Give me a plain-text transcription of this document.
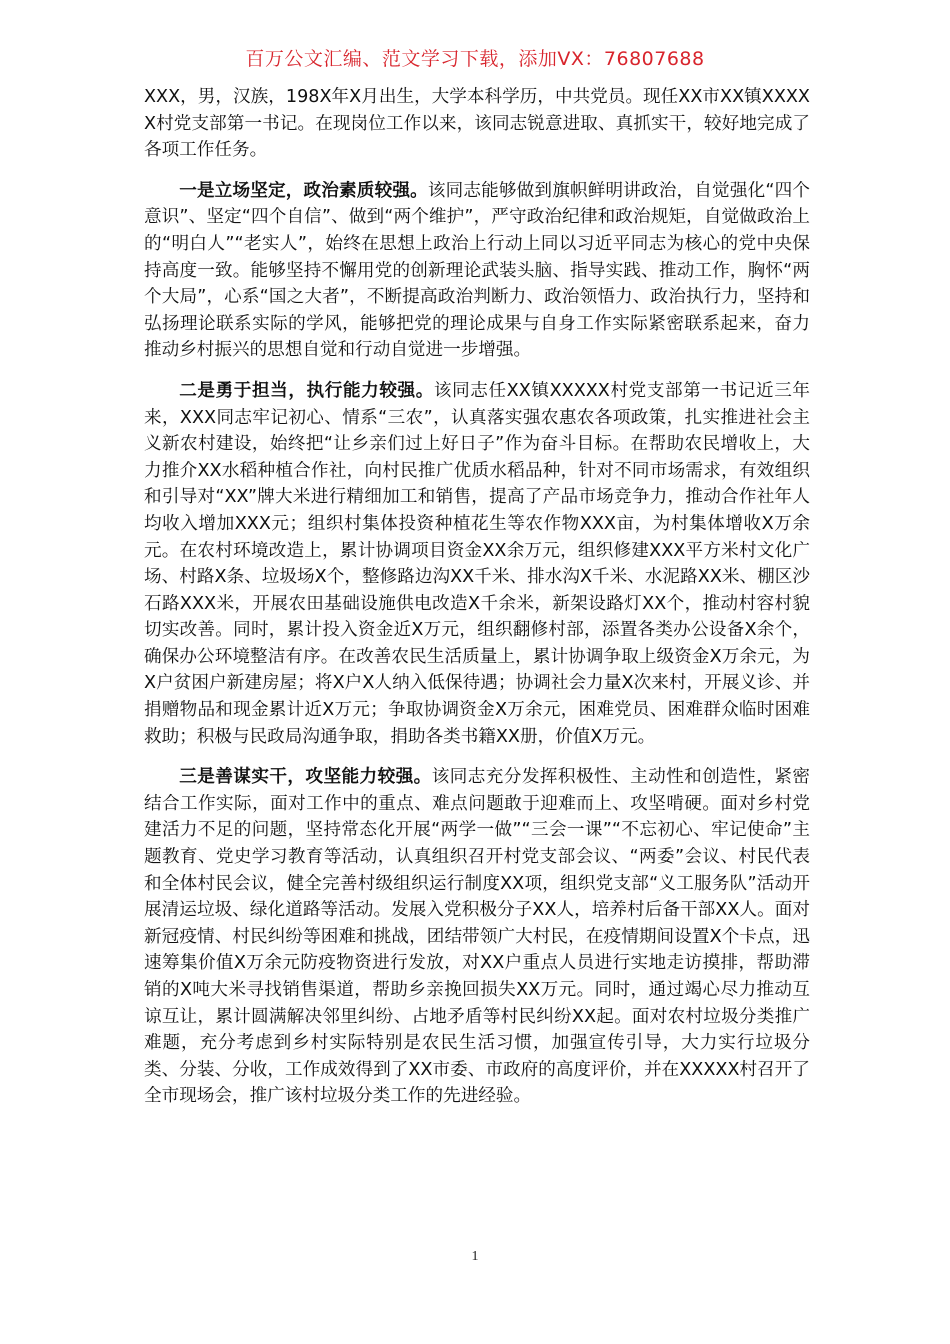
百万公文汇编、范文学习下载，添加VX：76807688

XXX，男，汉族，198X年X月出生，大学本科学历，中共党员。现任XX市XX镇XXXXX村党支部第一书记。在现岗位工作以来，该同志锐意进取、真抓实干，较好地完成了各项工作任务。

一是立场坚定，政治素质较强。该同志能够做到旗帜鲜明讲政治，自觉强化“四个意识”、坚定“四个自信”、做到“两个维护”，严守政治纪律和政治规矩，自觉做政治上的“明白人”“老实人”，始终在思想上政治上行动上同以习近平同志为核心的党中央保持高度一致。能够坚持不懈用党的创新理论武装头脑、指导实践、推动工作，胸怀“两个大局”，心系“国之大者”，不断提高政治判断力、政治领悟力、政治执行力，坚持和弘扬理论联系实际的学风，能够把党的理论成果与自身工作实际紧密联系起来，奋力推动乡村振兴的思想自觉和行动自觉进一步增强。

二是勇于担当，执行能力较强。该同志任XX镇XXXXX村党支部第一书记近三年来，XXX同志牢记初心、情系“三农”，认真落实强农惠农各项政策，扎实推进社会主义新农村建设，始终把“让乡亲们过上好日子”作为奋斗目标。在帮助农民增收上，大力推介XX水稻种植合作社，向村民推广优质水稻品种，针对不同市场需求，有效组织和引导对“XX”牌大米进行精细加工和销售，提高了产品市场竞争力，推动合作社年人均收入增加XXX元；组织村集体投资种植花生等农作物XXX亩，为村集体增收X万余元。在农村环境改造上，累计协调项目资金XX余万元，组织修建XXX平方米村文化广场、村路X条、垃圾场X个，整修路边沟XX千米、排水沟X千米、水泥路XX米、棚区沙石路XXX米，开展农田基础设施供电改造X千余米，新架设路灯XX个，推动村容村貌切实改善。同时，累计投入资金近X万元，组织翻修村部，添置各类办公设备X余个，确保办公环境整洁有序。在改善农民生活质量上，累计协调争取上级资金X万余元，为X户贫困户新建房屋；将X户X人纳入低保待遇；协调社会力量X次来村，开展义诊、并捐赠物品和现金累计近X万元；争取协调资金X万余元，困难党员、困难群众临时困难救助；积极与民政局沟通争取，捐助各类书籍XX册，价值X万元。

三是善谋实干，攻坚能力较强。该同志充分发挥积极性、主动性和创造性，紧密结合工作实际，面对工作中的重点、难点问题敢于迎难而上、攻坚啃硬。面对乡村党建活力不足的问题，坚持常态化开展“两学一做”“三会一课”“不忘初心、牢记使命”主题教育、党史学习教育等活动，认真组织召开村党支部会议、“两委”会议、村民代表和全体村民会议，健全完善村级组织运行制度XX项，组织党支部“义工服务队”活动开展清运垃圾、绿化道路等活动。发展入党积极分子XX人，培养村后备干部XX人。面对新冠疫情、村民纠纷等困难和挑战，团结带领广大村民，在疫情期间设置X个卡点，迅速筹集价值X万余元防疫物资进行发放，对XX户重点人员进行实地走访摸排，帮助滞销的X吨大米寻找销售渠道，帮助乡亲挽回损失XX万元。同时，通过竭心尽力推动互谅互让，累计圆满解决邻里纠纷、占地矛盾等村民纠纷XX起。面对农村垃圾分类推广难题，充分考虑到乡村实际特别是农民生活习惯，加强宣传引导，大力实行垃圾分类、分装、分收，工作成效得到了XX市委、市政府的高度评价，并在XXXXX村召开了全市现场会，推广该村垃圾分类工作的先进经验。

1
